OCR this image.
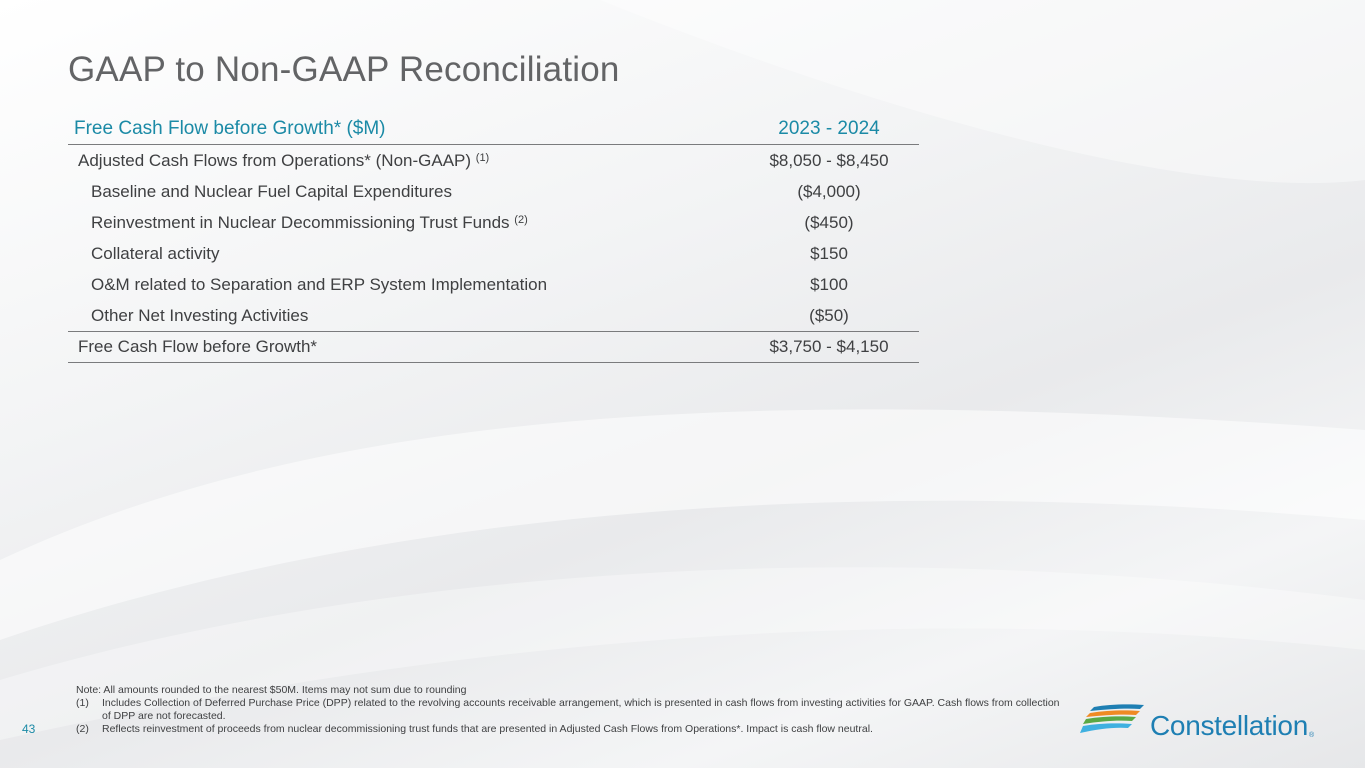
GAAP to Non-GAAP Reconciliation
Free Cash Flow before Growth* ($M)	2023 - 2024
Adjusted Cash Flows from Operations* (Non-GAAP) $^{(1)}$	$8,050 - $8,450
Baseline and Nuclear Fuel Capital Expenditures	($4,000)
Reinvestment in Nuclear Decommissioning Trust Funds $^{(2)}$	($450)
Collateral activity	$150
O&M related to Separation and ERP System Implementation	$100
Other Net Investing Activities	($50)
Free Cash Flow before Growth*	$3,750 - $4,150
Note: All amounts rounded to the nearest $50M. Items may not sum due to rounding
(1)	Includes Collection of Deferred Purchase Price (DPP) related to the revolving accounts receivable arrangement, which is presented in cash flows from investing activities for GAAP. Cash flows from collection of DPP are not forecasted.
(2)	Reflects reinvestment of proceeds from nuclear decommissioning trust funds that are presented in Adjusted Cash Flows from Operations*. Impact is cash flow neutral.
43	Constellation ®
